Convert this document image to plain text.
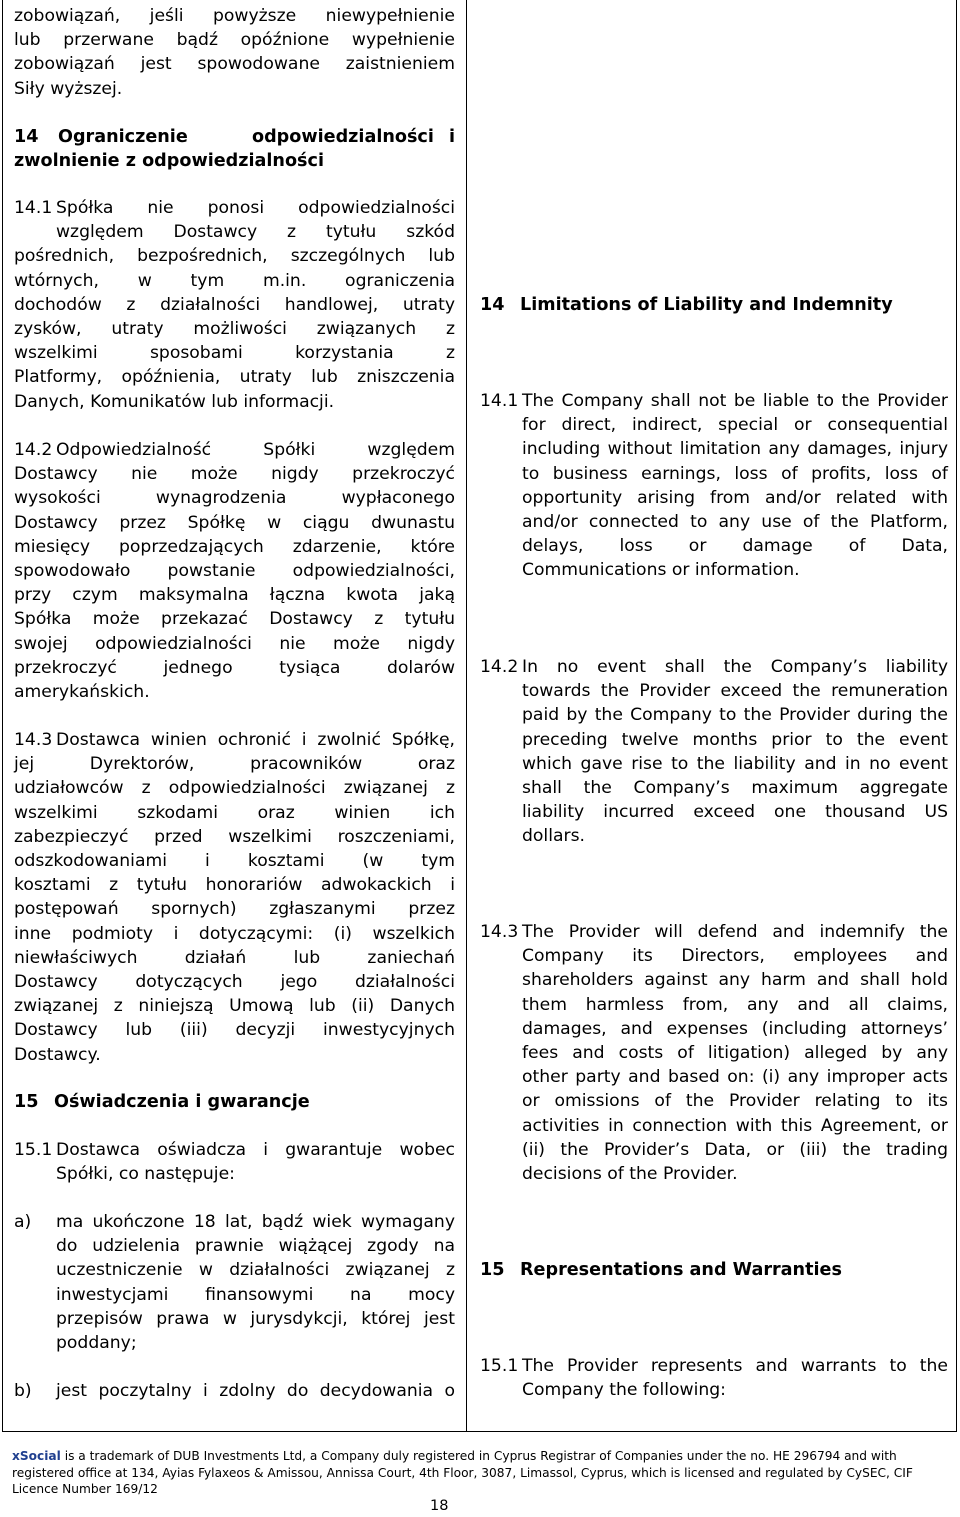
zobowiązań, jeśli powyższe niewypełnienie
lub przerwane bądź opóźnione wypełnienie
zobowiązań jest spowodowane zaistnieniem
Siły wyższej.
14 Ograniczenie	odpowiedzialności i
zwolnienie z odpowiedzialności
14.1 Spółka nie ponosi odpowiedzialności
względem Dostawcy z tytułu szkód
pośrednich, bezpośrednich, szczególnych lub
wtórnych, w tym m.in. ograniczenia
dochodów z działalności handlowej, utraty
zysków, utraty możliwości związanych z
wszelkimi sposobami korzystania z
Platformy, opóźnienia, utraty lub zniszczenia
Danych, Komunikatów lub informacji.
14.2 Odpowiedzialność Spółki względem
Dostawcy nie może nigdy przekroczyć
wysokości wynagrodzenia wypłaconego
Dostawcy przez Spółkę w ciągu dwunastu
miesięcy poprzedzających zdarzenie, które
spowodowało powstanie odpowiedzialności,
przy czym maksymalna łączna kwota jaką
Spółka może przekazać Dostawcy z tytułu
swojej odpowiedzialności nie może nigdy
przekroczyć jednego tysiąca dolarów
amerykańskich.
14.3 Dostawca winien ochronić i zwolnić Spółkę,
jej Dyrektorów, pracowników oraz
udziałowców z odpowiedzialności związanej z
wszelkimi szkodami oraz winien ich
zabezpieczyć przed wszelkimi roszczeniami,
odszkodowaniami i kosztami (w tym
kosztami z tytułu honorariów adwokackich i
postępowań spornych) zgłaszanymi przez
inne podmioty i dotyczącymi: (i) wszelkich
niewłaściwych działań lub zaniechań
Dostawcy dotyczących jego działalności
związanej z niniejszą Umową lub (ii) Danych
Dostawcy lub (iii) decyzji inwestycyjnych
Dostawcy.
15 Oświadczenia i gwarancje
15.1 Dostawca oświadcza i gwarantuje wobec
Spółki, co następuje:
a) ma ukończone 18 lat, bądź wiek wymagany
do udzielenia prawnie wiążącej zgody na
uczestniczenie w działalności związanej z
inwestycjami finansowymi na mocy
przepisów prawa w jurysdykcji, której jest
poddany;
b) jest poczytalny i zdolny do decydowania o
14 Limitations of Liability and Indemnity
14.1 The Company shall not be liable to the Provider
for direct, indirect, special or consequential
including without limitation any damages, injury
to business earnings, loss of profits, loss of
opportunity arising from and/or related with
and/or connected to any use of the Platform,
delays, loss or damage of Data,
Communications or information.
14.2 In no event shall the Company’s liability
towards the Provider exceed the remuneration
paid by the Company to the Provider during the
preceding twelve months prior to the event
which gave rise to the liability and in no event
shall the Company’s maximum aggregate
liability incurred exceed one thousand US
dollars.
14.3 The Provider will defend and indemnify the
Company its Directors, employees and
shareholders against any harm and shall hold
them harmless from, any and all claims,
damages, and expenses (including attorneys’
fees and costs of litigation) alleged by any
other party and based on: (i) any improper acts
or omissions of the Provider relating to its
activities in connection with this Agreement, or
(ii) the Provider’s Data, or (iii) the trading
decisions of the Provider.
15 Representations and Warranties
15.1 The Provider represents and warrants to the
Company the following:
xSocial is a trademark of DUB Investments Ltd, a Company duly registered in Cyprus Registrar of Companies under the no. HE 296794 and with
registered office at 134, Ayias Fylaxeos & Amissou, Annissa Court, 4th Floor, 3087, Limassol, Cyprus, which is licensed and regulated by CySEC, CIF
Licence Number 169/12
18
